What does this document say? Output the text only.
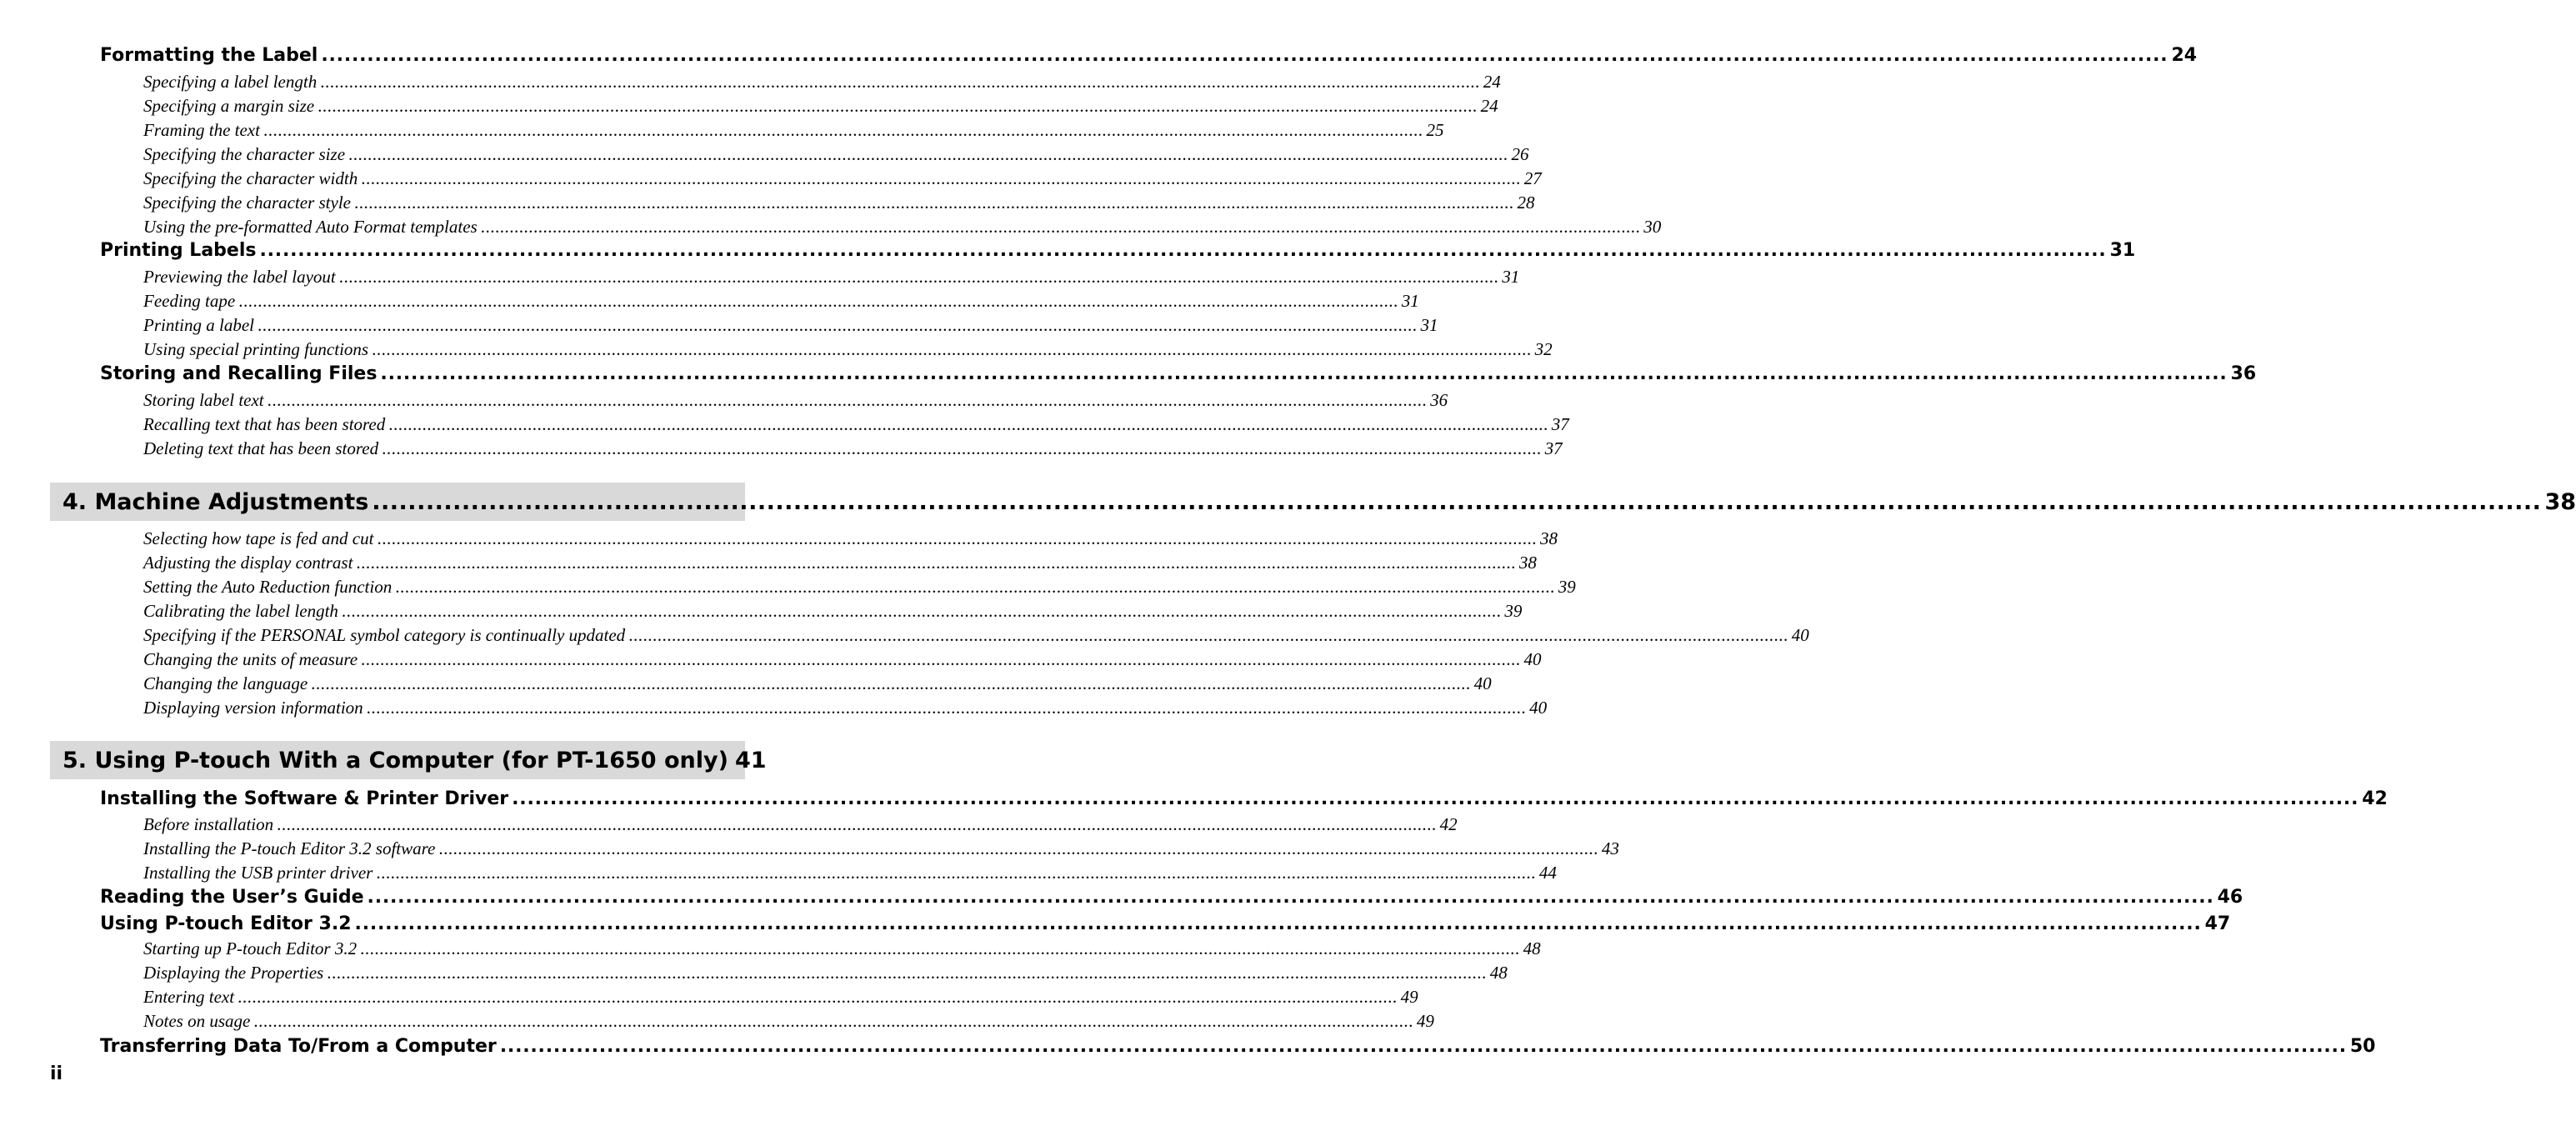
Formatting the Label .................................................................................................................................................................................................................................................. 24
Specifying a label length .................................................................................................................................................................................................................................................. 24
Specifying a margin size .................................................................................................................................................................................................................................................. 24
Framing the text .................................................................................................................................................................................................................................................. 25
Specifying the character size .................................................................................................................................................................................................................................................. 26
Specifying the character width .................................................................................................................................................................................................................................................. 27
Specifying the character style .................................................................................................................................................................................................................................................. 28
Using the pre-formatted Auto Format templates .................................................................................................................................................................................................................................................. 30
Printing Labels .................................................................................................................................................................................................................................................. 31
Previewing the label layout .................................................................................................................................................................................................................................................. 31
Feeding tape .................................................................................................................................................................................................................................................. 31
Printing a label .................................................................................................................................................................................................................................................. 31
Using special printing functions .................................................................................................................................................................................................................................................. 32
Storing and Recalling Files .................................................................................................................................................................................................................................................. 36
Storing label text .................................................................................................................................................................................................................................................. 36
Recalling text that has been stored .................................................................................................................................................................................................................................................. 37
Deleting text that has been stored .................................................................................................................................................................................................................................................. 37
4. Machine Adjustments .................................................................................................................................................................................................................................................. 38
Selecting how tape is fed and cut .................................................................................................................................................................................................................................................. 38
Adjusting the display contrast .................................................................................................................................................................................................................................................. 38
Setting the Auto Reduction function .................................................................................................................................................................................................................................................. 39
Calibrating the label length .................................................................................................................................................................................................................................................. 39
Specifying if the PERSONAL symbol category is continually updated .................................................................................................................................................................................................................................................. 40
Changing the units of measure .................................................................................................................................................................................................................................................. 40
Changing the language .................................................................................................................................................................................................................................................. 40
Displaying version information .................................................................................................................................................................................................................................................. 40
5. Using P-touch With a Computer (for PT-1650 only) 41
Installing the Software & Printer Driver .................................................................................................................................................................................................................................................. 42
Before installation .................................................................................................................................................................................................................................................. 42
Installing the P-touch Editor 3.2 software .................................................................................................................................................................................................................................................. 43
Installing the USB printer driver .................................................................................................................................................................................................................................................. 44
Reading the User’s Guide .................................................................................................................................................................................................................................................. 46
Using P-touch Editor 3.2 .................................................................................................................................................................................................................................................. 47
Starting up P-touch Editor 3.2 .................................................................................................................................................................................................................................................. 48
Displaying the Properties .................................................................................................................................................................................................................................................. 48
Entering text .................................................................................................................................................................................................................................................. 49
Notes on usage .................................................................................................................................................................................................................................................. 49
Transferring Data To/From a Computer .................................................................................................................................................................................................................................................. 50
ii
